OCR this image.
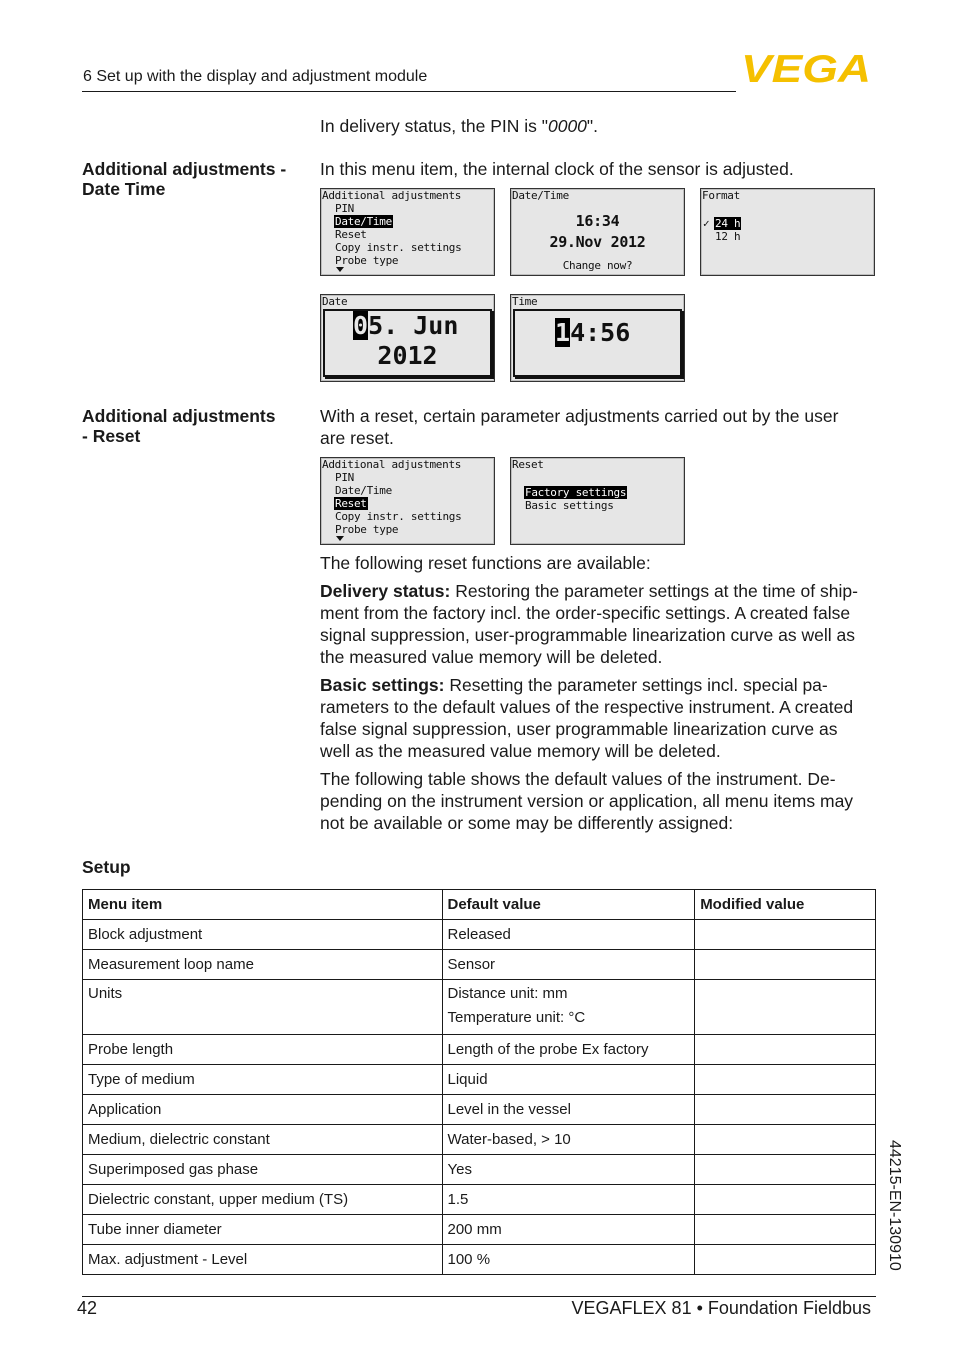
6 Set up with the display and adjustment module	VEGA
In delivery status, the PIN is "0000".
Additional adjustments -
Date Time
In this menu item, the internal clock of the sensor is adjusted.
Additional adjustments
PIN
Date/Time
Reset
Copy instr. settings
Probe type
Date/Time
16:34
29.Nov 2012
Change now?
Format
✓ 24 h
12 h
Date
05. Jun
2012
Time
14:56
Additional adjustments
- Reset
With a reset, certain parameter adjustments carried out by the user
are reset.
Additional adjustments
PIN
Date/Time
Reset
Copy instr. settings
Probe type
Reset
Factory settings
Basic settings
The following reset functions are available:
Delivery status: Restoring the parameter settings at the time of ship-
ment from the factory incl. the order-specific settings. A created false
signal suppression, user-programmable linearization curve as well as
the measured value memory will be deleted.
Basic settings: Resetting the parameter settings incl. special pa-
rameters to the default values of the respective instrument. A created
false signal suppression, user programmable linearization curve as
well as the measured value memory will be deleted.
The following table shows the default values of the instrument. De-
pending on the instrument version or application, all menu items may
not be available or some may be differently assigned:
Setup
Menu item	Default value	Modified value
Block adjustment	Released	
Measurement loop name	Sensor	

Units	Distance unit: mm
Temperature unit: °C	

Probe length	Length of the probe Ex factory	
Type of medium	Liquid	
Application	Level in the vessel	
Medium, dielectric constant	Water-based, > 10	
Superimposed gas phase	Yes	
Dielectric constant, upper medium (TS)	1.5	
Tube inner diameter	200 mm	
Max. adjustment - Level	100 %		44215-EN-130910
42	VEGAFLEX 81 • Foundation Fieldbus
